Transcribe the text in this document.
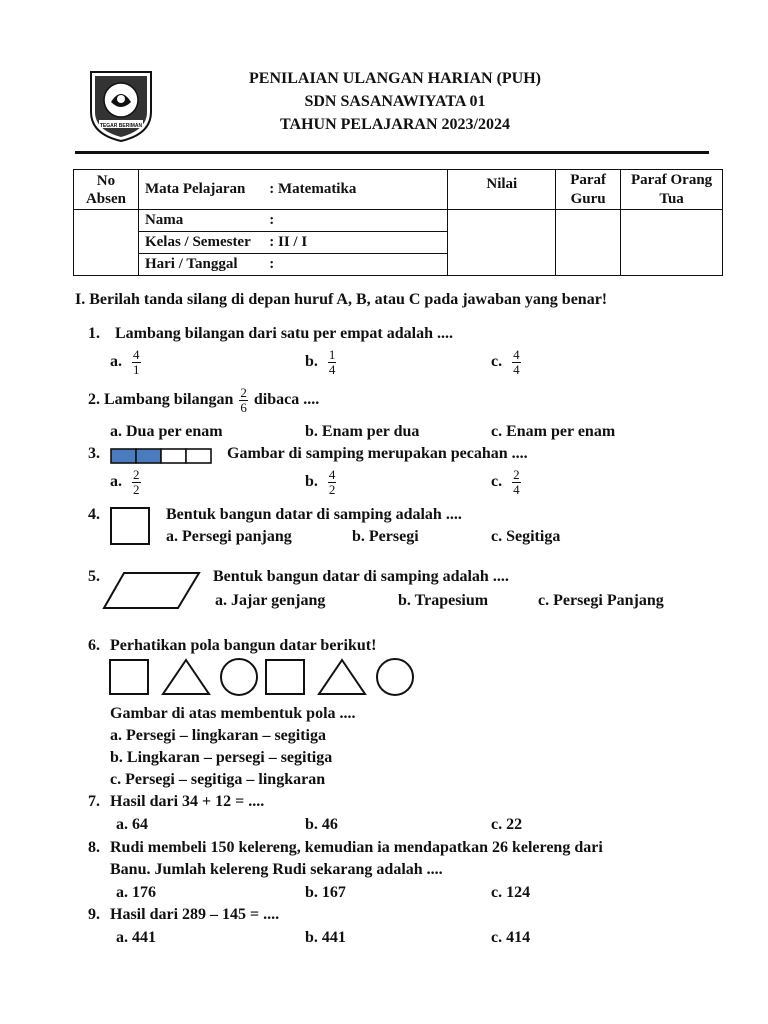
TEGAR BERIMAN
PENILAIAN ULANGAN HARIAN (PUH)
SDN SASANAWIYATA 01
TAHUN PELAJARAN 2023/2024
No Absen	Mata Pelajaran	: Matematika	Nilai	Paraf Guru	Paraf Orang Tua
	Nama	:			
	Kelas / Semester	: II / I			
	Hari / Tanggal	:			
I. Berilah tanda silang di depan huruf A, B, atau C pada jawaban yang benar!
1. Lambang bilangan dari satu per empat adalah ....
a. $\frac{4}{1}$	b. $\frac{1}{4}$	c. $\frac{4}{4}$
2. Lambang bilangan $\frac{2}{6}$ dibaca ....
a. Dua per enam	b. Enam per dua	c. Enam per enam
3.	Gambar di samping merupakan pecahan ....
a. $\frac{2}{2}$	b. $\frac{4}{2}$	c. $\frac{2}{4}$
4.	Bentuk bangun datar di samping adalah ....
a. Persegi panjang	b. Persegi	c. Segitiga
5.	Bentuk bangun datar di samping adalah ....
a. Jajar genjang	b. Trapesium	c. Persegi Panjang
6. Perhatikan pola bangun datar berikut!
Gambar di atas membentuk pola ....
a. Persegi – lingkaran – segitiga
b. Lingkaran – persegi – segitiga
c. Persegi – segitiga – lingkaran
7. Hasil dari 34 + 12 = ....
a. 64	b. 46	c. 22
8. Rudi membeli 150 kelereng, kemudian ia mendapatkan 26 kelereng dari
Banu. Jumlah kelereng Rudi sekarang adalah ....
a. 176	b. 167	c. 124
9. Hasil dari 289 – 145 = ....
a. 441	b. 441	c. 414
